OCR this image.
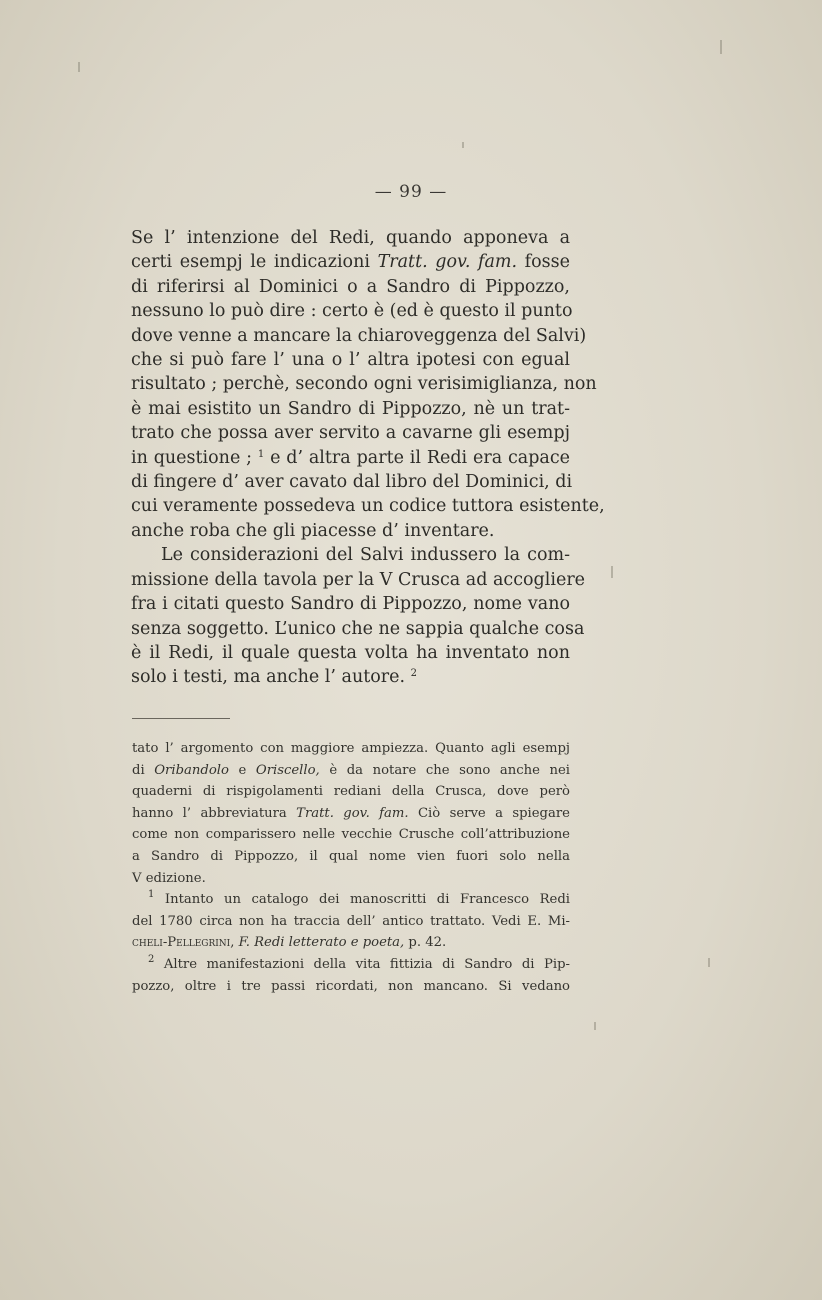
— 99 —
Se l’ intenzione del Redi, quando apponeva a
certi esempj le indicazioni Tratt. gov. fam. fosse
di riferirsi al Dominici o a Sandro di Pippozzo,
nessuno lo può dire : certo è (ed è questo il punto
dove venne a mancare la chiaroveggenza del Salvi)
che si può fare l’ una o l’ altra ipotesi con egual
risultato ; perchè, secondo ogni verisimiglianza, non
è mai esistito un Sandro di Pippozzo, nè un trat-
trato che possa aver servito a cavarne gli esempj
in questione ; $^1$ e d’ altra parte il Redi era capace
di fingere d’ aver cavato dal libro del Dominici, di
cui veramente possedeva un codice tuttora esistente,
anche roba che gli piacesse d’ inventare.
Le considerazioni del Salvi indussero la com-
missione della tavola per la V Crusca ad accogliere
fra i citati questo Sandro di Pippozzo, nome vano
senza soggetto. L’unico che ne sappia qualche cosa
è il Redi, il quale questa volta ha inventato non
solo i testi, ma anche l’ autore. $^2$
tato l’ argomento con maggiore ampiezza. Quanto agli esempj
di Oribandolo e Oriscello, è da notare che sono anche nei
quaderni di rispigolamenti rediani della Crusca, dove però
hanno l’ abbreviatura Tratt. gov. fam. Ciò serve a spiegare
come non comparissero nelle vecchie Crusche coll’attribuzione
a Sandro di Pippozzo, il qual nome vien fuori solo nella
V edizione.
$^1$ Intanto un catalogo dei manoscritti di Francesco Redi
del 1780 circa non ha traccia dell’ antico trattato. Vedi E. Mi-
cheli-Pellegrini, F. Redi letterato e poeta, p. 42.
$^2$ Altre manifestazioni della vita fittizia di Sandro di Pip-
pozzo, oltre i tre passi ricordati, non mancano. Si vedano
